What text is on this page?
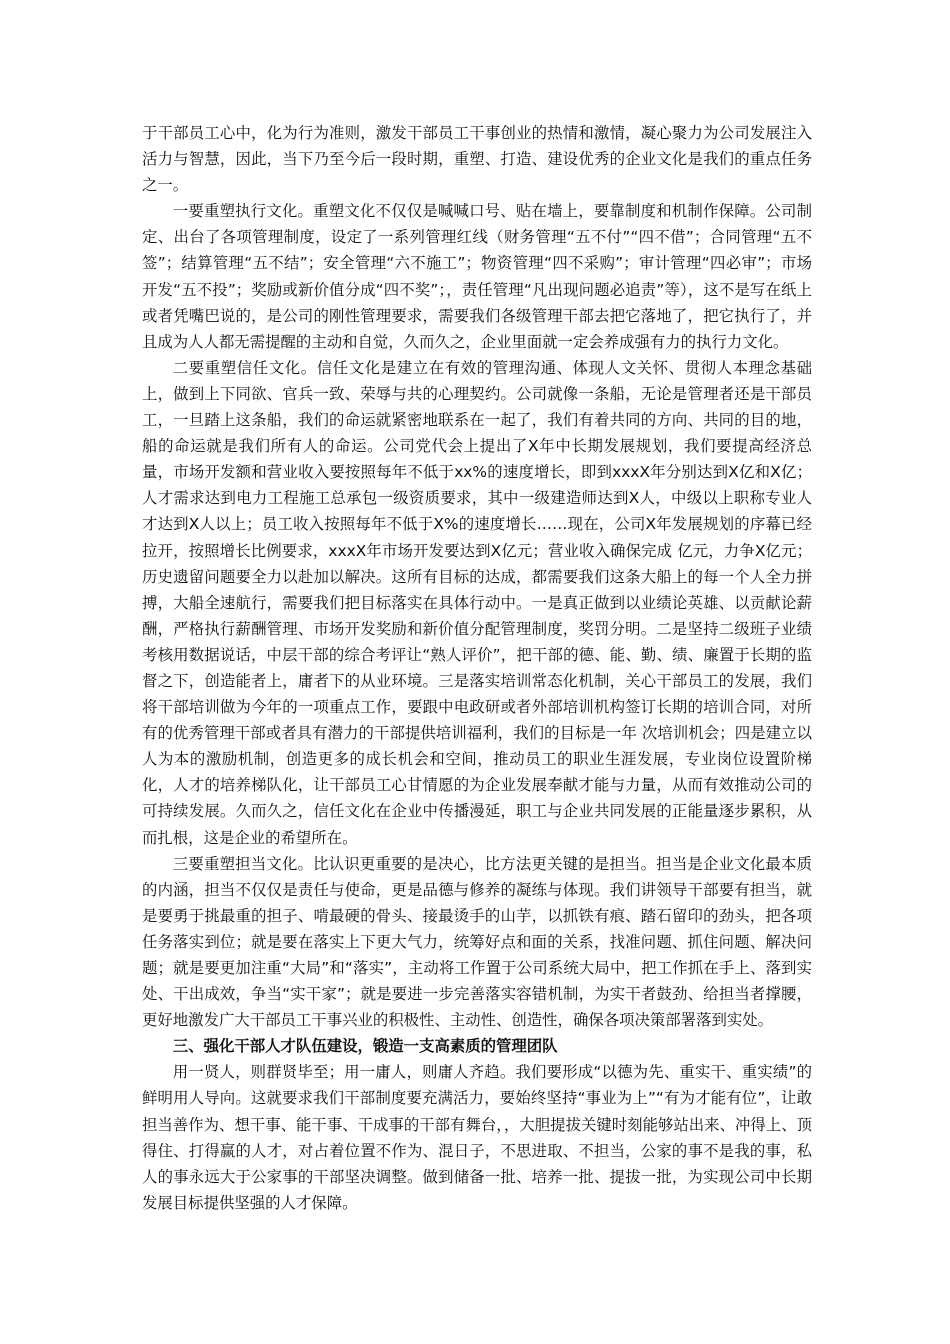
于干部员工心中，化为行为准则，激发干部员工干事创业的热情和激情，凝心聚力为公司发展注入活力与智慧，因此，当下乃至今后一段时期，重塑、打造、建设优秀的企业文化是我们的重点任务之一。

一要重塑执行文化。重塑文化不仅仅是喊喊口号、贴在墙上，要靠制度和机制作保障。公司制定、出台了各项管理制度，设定了一系列管理红线（财务管理“五不付”“四不借”；合同管理“五不签”；结算管理“五不结”；安全管理“六不施工”；物资管理“四不采购”；审计管理“四必审”；市场开发“五不投”；奖励或新价值分成“四不奖”；，责任管理“凡出现问题必追责”等），这不是写在纸上或者凭嘴巴说的，是公司的刚性管理要求，需要我们各级管理干部去把它落地了，把它执行了，并且成为人人都无需提醒的主动和自觉，久而久之，企业里面就一定会养成强有力的执行力文化。

二要重塑信任文化。信任文化是建立在有效的管理沟通、体现人文关怀、贯彻人本理念基础上，做到上下同欲、官兵一致、荣辱与共的心理契约。公司就像一条船，无论是管理者还是干部员工，一旦踏上这条船，我们的命运就紧密地联系在一起了，我们有着共同的方向、共同的目的地，船的命运就是我们所有人的命运。公司党代会上提出了X年中长期发展规划，我们要提高经济总量，市场开发额和营业收入要按照每年不低于xx%的速度增长，即到xxxX年分别达到X亿和X亿；人才需求达到电力工程施工总承包一级资质要求，其中一级建造师达到X人，中级以上职称专业人才达到X人以上；员工收入按照每年不低于X%的速度增长……现在，公司X年发展规划的序幕已经拉开，按照增长比例要求，xxxX年市场开发要达到X亿元；营业收入确保完成 亿元，力争X亿元；历史遗留问题要全力以赴加以解决。这所有目标的达成，都需要我们这条大船上的每一个人全力拼搏，大船全速航行，需要我们把目标落实在具体行动中。一是真正做到以业绩论英雄、以贡献论薪酬，严格执行薪酬管理、市场开发奖励和新价值分配管理制度，奖罚分明。二是坚持二级班子业绩考核用数据说话，中层干部的综合考评让“熟人评价”，把干部的德、能、勤、绩、廉置于长期的监督之下，创造能者上，庸者下的从业环境。三是落实培训常态化机制，关心干部员工的发展，我们将干部培训做为今年的一项重点工作，要跟中电政研或者外部培训机构签订长期的培训合同，对所有的优秀管理干部或者具有潜力的干部提供培训福利，我们的目标是一年 次培训机会；四是建立以人为本的激励机制，创造更多的成长机会和空间，推动员工的职业生涯发展，专业岗位设置阶梯化，人才的培养梯队化，让干部员工心甘情愿的为企业发展奉献才能与力量，从而有效推动公司的可持续发展。久而久之，信任文化在企业中传播漫延，职工与企业共同发展的正能量逐步累积，从而扎根，这是企业的希望所在。

三要重塑担当文化。比认识更重要的是决心，比方法更关键的是担当。担当是企业文化最本质的内涵，担当不仅仅是责任与使命，更是品德与修养的凝练与体现。我们讲领导干部要有担当，就是要勇于挑最重的担子、啃最硬的骨头、接最烫手的山芋，以抓铁有痕、踏石留印的劲头，把各项任务落实到位；就是要在落实上下更大气力，统筹好点和面的关系，找准问题、抓住问题、解决问题；就是要更加注重“大局”和“落实”，主动将工作置于公司系统大局中，把工作抓在手上、落到实处、干出成效，争当“实干家”；就是要进一步完善落实容错机制，为实干者鼓劲、给担当者撑腰，更好地激发广大干部员工干事兴业的积极性、主动性、创造性，确保各项决策部署落到实处。

三、强化干部人才队伍建设，锻造一支高素质的管理团队

用一贤人，则群贤毕至；用一庸人，则庸人齐趋。我们要形成“以德为先、重实干、重实绩”的鲜明用人导向。这就要求我们干部制度要充满活力，要始终坚持“事业为上”“有为才能有位”，让敢担当善作为、想干事、能干事、干成事的干部有舞台，，大胆提拔关键时刻能够站出来、冲得上、顶得住、打得赢的人才，对占着位置不作为、混日子，不思进取、不担当，公家的事不是我的事，私人的事永远大于公家事的干部坚决调整。做到储备一批、培养一批、提拔一批，为实现公司中长期发展目标提供坚强的人才保障。
